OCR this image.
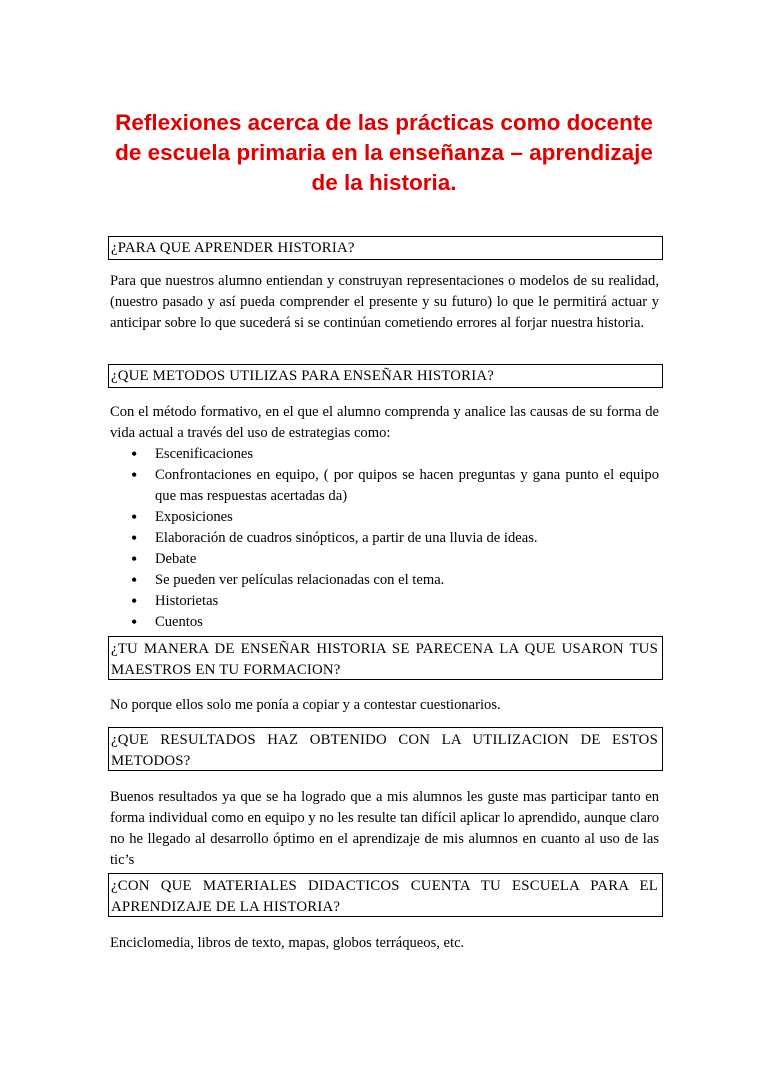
Reflexiones acerca de las prácticas como docente de escuela primaria en la enseñanza – aprendizaje de la historia.
¿PARA QUE APRENDER HISTORIA?

Para que nuestros alumno entiendan y construyan representaciones o modelos de su realidad, (nuestro pasado y así pueda comprender el presente y su futuro) lo que le permitirá actuar y anticipar sobre lo que sucederá si se continúan cometiendo errores al forjar nuestra historia.

¿QUE METODOS UTILIZAS PARA ENSEÑAR HISTORIA?

Con el método formativo, en el que el alumno comprenda y analice las causas de su forma de vida actual a través del uso de estrategias como:

• Escenificaciones
• Confrontaciones en equipo, ( por quipos se hacen preguntas y gana punto el equipo que mas respuestas acertadas da)
• Exposiciones
• Elaboración de cuadros sinópticos, a partir de una lluvia de ideas.
• Debate
• Se pueden ver películas relacionadas con el tema.
• Historietas
• Cuentos
¿TU MANERA DE ENSEÑAR HISTORIA SE PARECENA LA QUE USARON TUS MAESTROS EN TU FORMACION?

No porque ellos solo me ponía a copiar y a contestar cuestionarios.

¿QUE RESULTADOS HAZ OBTENIDO CON LA UTILIZACION DE ESTOS METODOS?

Buenos resultados ya que se ha logrado que a mis alumnos les guste mas participar tanto en forma individual como en equipo y no les resulte tan difícil aplicar lo aprendido, aunque claro no he llegado al desarrollo óptimo en el aprendizaje de mis alumnos en cuanto al uso de las tic’s

¿CON QUE MATERIALES DIDACTICOS CUENTA TU ESCUELA PARA EL APRENDIZAJE DE LA HISTORIA?

Enciclomedia, libros de texto, mapas, globos terráqueos, etc.
